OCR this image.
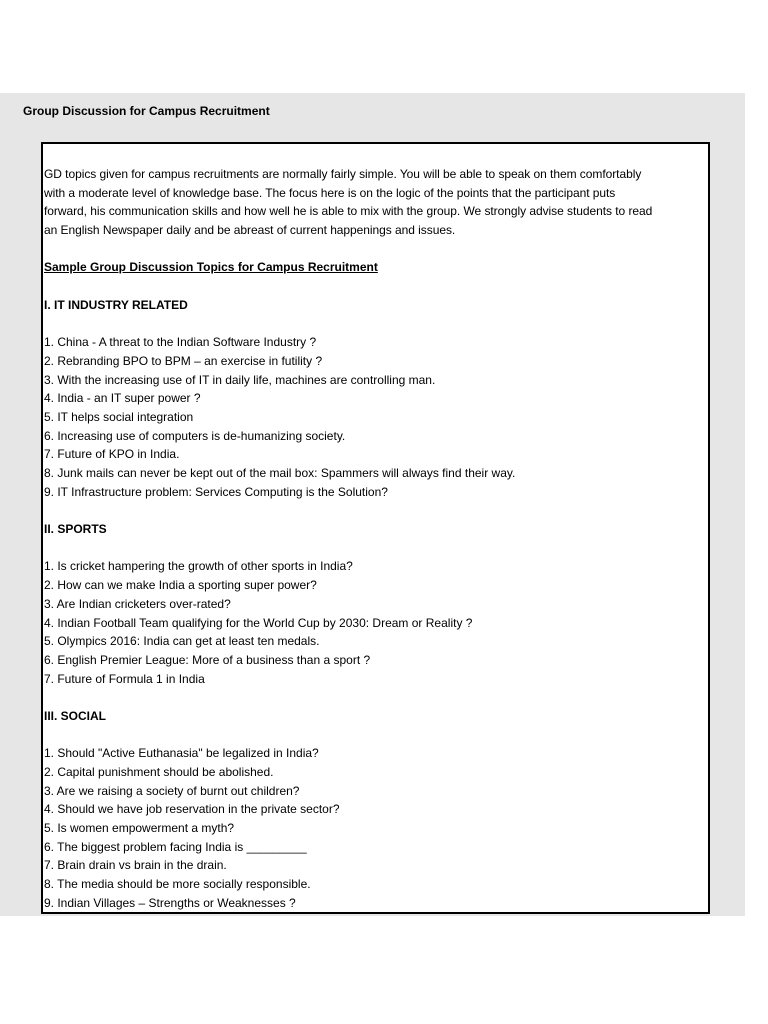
Group Discussion for Campus Recruitment
GD topics given for campus recruitments are normally fairly simple. You will be able to speak on them comfortably
with a moderate level of knowledge base. The focus here is on the logic of the points that the participant puts
forward, his communication skills and how well he is able to mix with the group. We strongly advise students to read
an English Newspaper daily and be abreast of current happenings and issues.
Sample Group Discussion Topics for Campus Recruitment
I. IT INDUSTRY RELATED
1. China - A threat to the Indian Software Industry ?
2. Rebranding BPO to BPM – an exercise in futility ?
3. With the increasing use of IT in daily life, machines are controlling man.
4. India - an IT super power ?
5. IT helps social integration
6. Increasing use of computers is de-humanizing society.
7. Future of KPO in India.
8. Junk mails can never be kept out of the mail box: Spammers will always find their way.
9. IT Infrastructure problem: Services Computing is the Solution?
II. SPORTS
1. Is cricket hampering the growth of other sports in India?
2. How can we make India a sporting super power?
3. Are Indian cricketers over-rated?
4. Indian Football Team qualifying for the World Cup by 2030: Dream or Reality ?
5. Olympics 2016: India can get at least ten medals.
6. English Premier League: More of a business than a sport ?
7. Future of Formula 1 in India
III. SOCIAL
1. Should "Active Euthanasia" be legalized in India?
2. Capital punishment should be abolished.
3. Are we raising a society of burnt out children?
4. Should we have job reservation in the private sector?
5. Is women empowerment a myth?
6. The biggest problem facing India is _________
7. Brain drain vs brain in the drain.
8. The media should be more socially responsible.
9. Indian Villages – Strengths or Weaknesses ?
